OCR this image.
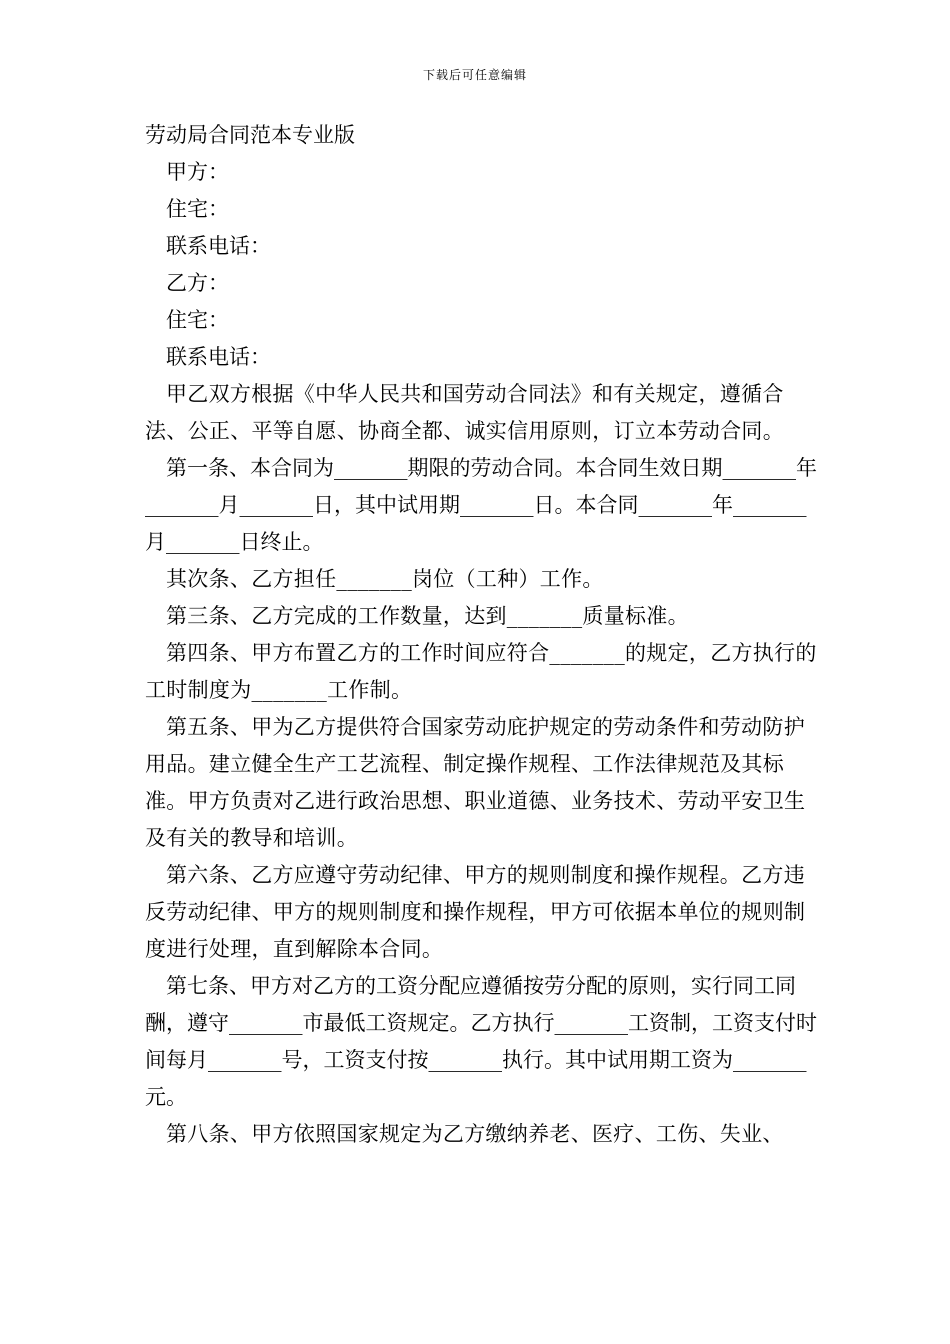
下载后可任意编辑
劳动局合同范本专业版
甲方：
住宅：
联系电话：
乙方：
住宅：
联系电话：

甲乙双方根据《中华人民共和国劳动合同法》和有关规定，遵循合法、公正、平等自愿、协商全都、诚实信用原则，订立本劳动合同。

第一条、本合同为_______期限的劳动合同。本合同生效日期_______年_______月_______日，其中试用期_______日。本合同_______年_______月_______日终止。

其次条、乙方担任_______岗位（工种）工作。

第三条、乙方完成的工作数量，达到_______质量标准。

第四条、甲方布置乙方的工作时间应符合_______的规定，乙方执行的工时制度为_______工作制。

第五条、甲为乙方提供符合国家劳动庇护规定的劳动条件和劳动防护用品。建立健全生产工艺流程、制定操作规程、工作法律规范及其标准。甲方负责对乙进行政治思想、职业道德、业务技术、劳动平安卫生及有关的教导和培训。

第六条、乙方应遵守劳动纪律、甲方的规则制度和操作规程。乙方违反劳动纪律、甲方的规则制度和操作规程，甲方可依据本单位的规则制度进行处理，直到解除本合同。

第七条、甲方对乙方的工资分配应遵循按劳分配的原则，实行同工同酬，遵守_______市最低工资规定。乙方执行_______工资制，工资支付时间每月_______号，工资支付按_______执行。其中试用期工资为_______元。

第八条、甲方依照国家规定为乙方缴纳养老、医疗、工伤、失业、
